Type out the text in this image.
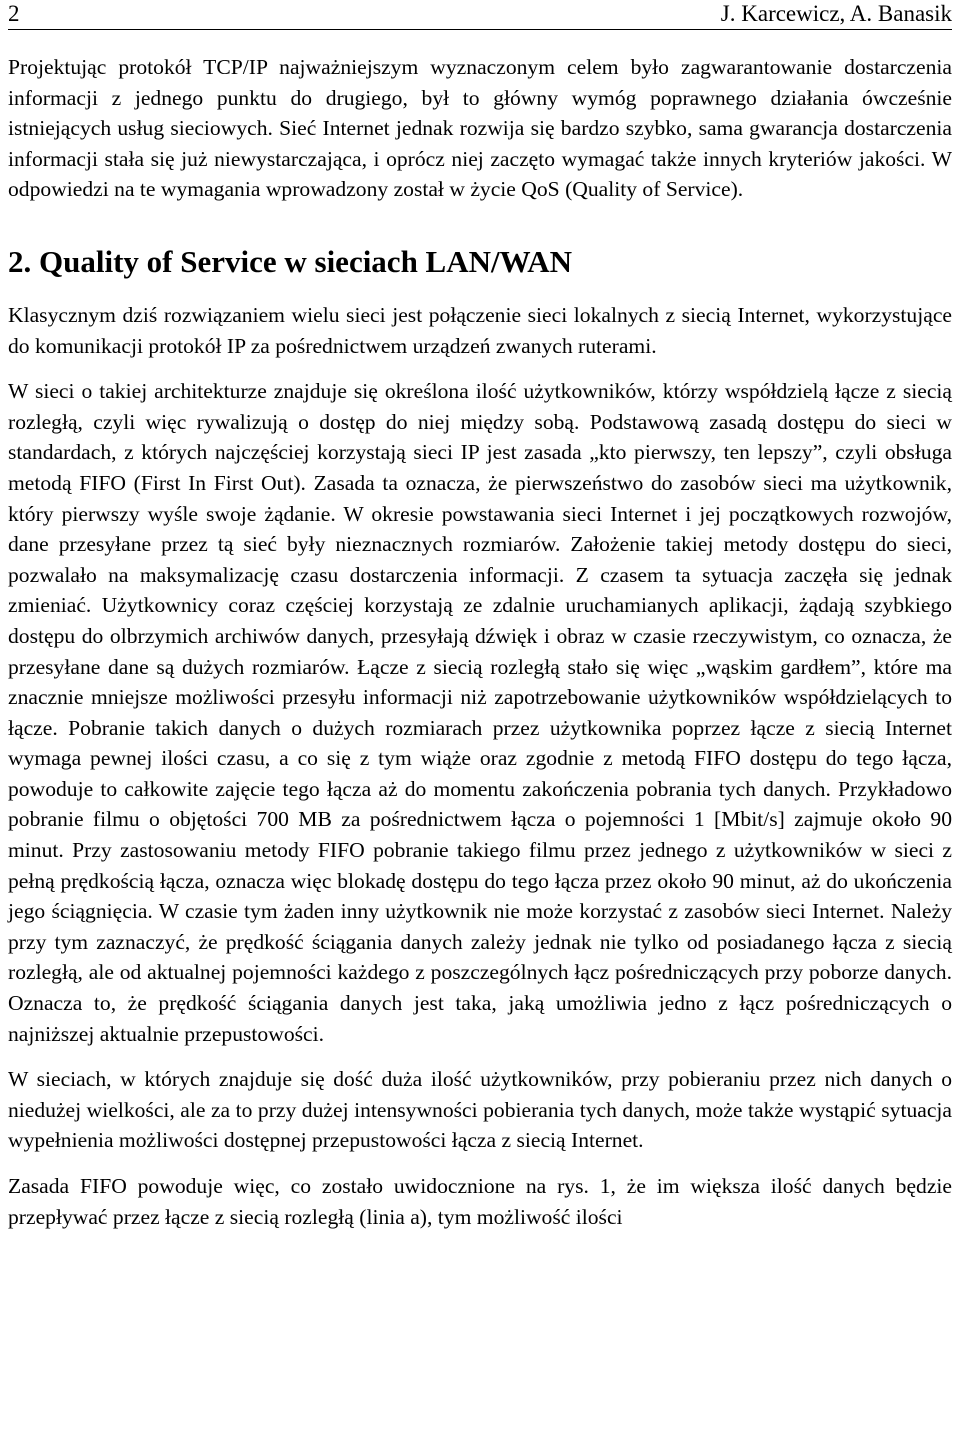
2	J. Karcewicz, A. Banasik

Projektując protokół TCP/IP najważniejszym wyznaczonym celem było zagwarantowanie dostarczenia informacji z jednego punktu do drugiego, był to główny wymóg poprawnego działania ówcześnie istniejących usług sieciowych. Sieć Internet jednak rozwija się bardzo szybko, sama gwarancja dostarczenia informacji stała się już niewystarczająca, i oprócz niej zaczęto wymagać także innych kryteriów jakości. W odpowiedzi na te wymagania wprowadzony został w życie QoS (Quality of Service).

2. Quality of Service w sieciach LAN/WAN

Klasycznym dziś rozwiązaniem wielu sieci jest połączenie sieci lokalnych z siecią Internet, wykorzystujące do komunikacji protokół IP za pośrednictwem urządzeń zwanych ruterami.

W sieci o takiej architekturze znajduje się określona ilość użytkowników, którzy współdzielą łącze z siecią rozległą, czyli więc rywalizują o dostęp do niej między sobą. Podstawową zasadą dostępu do sieci w standardach, z których najczęściej korzystają sieci IP jest zasada „kto pierwszy, ten lepszy”, czyli obsługa metodą FIFO (First In First Out). Zasada ta oznacza, że pierwszeństwo do zasobów sieci ma użytkownik, który pierwszy wyśle swoje żądanie. W okresie powstawania sieci Internet i jej początkowych rozwojów, dane przesyłane przez tą sieć były nieznacznych rozmiarów. Założenie takiej metody dostępu do sieci, pozwalało na maksymalizację czasu dostarczenia informacji. Z czasem ta sytuacja zaczęła się jednak zmieniać. Użytkownicy coraz częściej korzystają ze zdalnie uruchamianych aplikacji, żądają szybkiego dostępu do olbrzymich archiwów danych, przesyłają dźwięk i obraz w czasie rzeczywistym, co oznacza, że przesyłane dane są dużych rozmiarów. Łącze z siecią rozległą stało się więc „wąskim gardłem”, które ma znacznie mniejsze możliwości przesyłu informacji niż zapotrzebowanie użytkowników współdzielących to łącze. Pobranie takich danych o dużych rozmiarach przez użytkownika poprzez łącze z siecią Internet wymaga pewnej ilości czasu, a co się z tym wiąże oraz zgodnie z metodą FIFO dostępu do tego łącza, powoduje to całkowite zajęcie tego łącza aż do momentu zakończenia pobrania tych danych. Przykładowo pobranie filmu o objętości 700 MB za pośrednictwem łącza o pojemności 1 [Mbit/s] zajmuje około 90 minut. Przy zastosowaniu metody FIFO pobranie takiego filmu przez jednego z użytkowników w sieci z pełną prędkością łącza, oznacza więc blokadę dostępu do tego łącza przez około 90 minut, aż do ukończenia jego ściągnięcia. W czasie tym żaden inny użytkownik nie może korzystać z zasobów sieci Internet. Należy przy tym zaznaczyć, że prędkość ściągania danych zależy jednak nie tylko od posiadanego łącza z siecią rozległą, ale od aktualnej pojemności każdego z poszczególnych łącz pośredniczących przy poborze danych. Oznacza to, że prędkość ściągania danych jest taka, jaką umożliwia jedno z łącz pośredniczących o najniższej aktualnie przepustowości.

W sieciach, w których znajduje się dość duża ilość użytkowników, przy pobieraniu przez nich danych o niedużej wielkości, ale za to przy dużej intensywności pobierania tych danych, może także wystąpić sytuacja wypełnienia możliwości dostępnej przepustowości łącza z siecią Internet.

Zasada FIFO powoduje więc, co zostało uwidocznione na rys. 1, że im większa ilość danych będzie przepływać przez łącze z siecią rozległą (linia a), tym możliwość ilości
